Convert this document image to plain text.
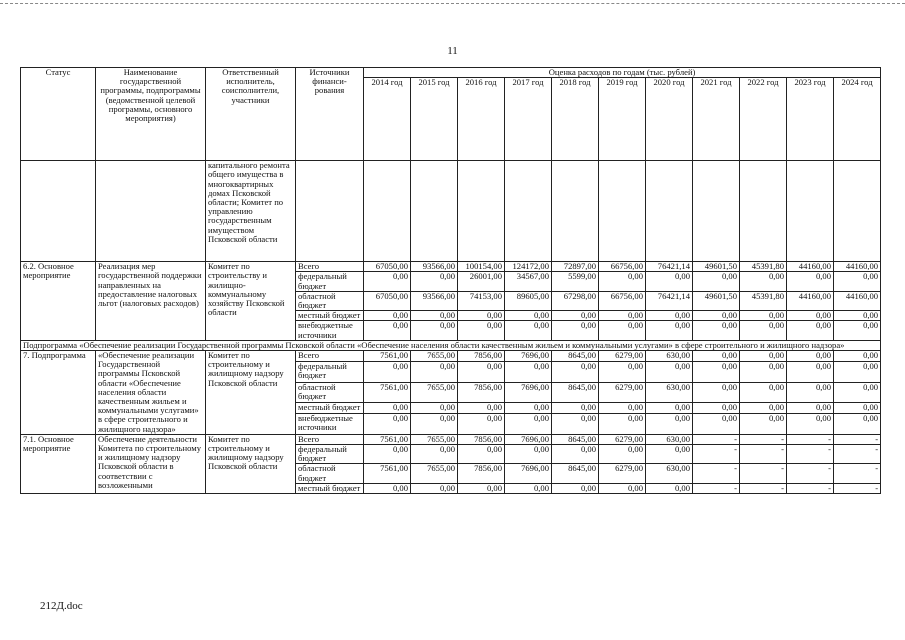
11
Статус	Наименование государственной программы, подпрограммы (ведомственной целевой программы, основного мероприятия)	Ответственный исполнитель, соисполнители, участники	Источники финанси-рования	Оценка расходов по годам (тыс. рублей)										
				2014 год	2015 год	2016 год	2017 год	2018 год	2019 год	2020 год	2021 год	2022 год	2023 год	2024 год
		капитального ремонта общего имущества в многоквартирных домах Псковской области; Комитет по управлению государственным имуществом Псковской области												
6.2. Основное мероприятие	Реализация мер государственной поддержки направленных на предоставление налоговых льгот (налоговых расходов)	Комитет по строительству и жилищно-коммунальному хозяйству Псковской области	Всего	67050,00	93566,00	100154,00	124172,00	72897,00	66756,00	76421,14	49601,50	45391,80	44160,00	44160,00
			федеральный бюджет	0,00	0,00	26001,00	34567,00	5599,00	0,00	0,00	0,00	0,00	0,00	0,00
			областной бюджет	67050,00	93566,00	74153,00	89605,00	67298,00	66756,00	76421,14	49601,50	45391,80	44160,00	44160,00
			местный бюджет	0,00	0,00	0,00	0,00	0,00	0,00	0,00	0,00	0,00	0,00	0,00
			внебюджетные источники	0,00	0,00	0,00	0,00	0,00	0,00	0,00	0,00	0,00	0,00	0,00
Подпрограмма «Обеспечение реализации Государственной программы Псковской области «Обеспечение населения области качественным жильем и коммунальными услугами» в сфере строительного и жилищного надзора»														
7. Подпрограмма	«Обеспечение реализации Государственной программы Псковской области «Обеспечение населения области качественным жильем и коммунальными услугами» в сфере строительного и жилищного надзора»	Комитет по строительному и жилищному надзору Псковской области	Всего	7561,00	7655,00	7856,00	7696,00	8645,00	6279,00	630,00	0,00	0,00	0,00	0,00
			федеральный бюджет	0,00	0,00	0,00	0,00	0,00	0,00	0,00	0,00	0,00	0,00	0,00
			областной бюджет	7561,00	7655,00	7856,00	7696,00	8645,00	6279,00	630,00	0,00	0,00	0,00	0,00
			местный бюджет	0,00	0,00	0,00	0,00	0,00	0,00	0,00	0,00	0,00	0,00	0,00
			внебюджетные источники	0,00	0,00	0,00	0,00	0,00	0,00	0,00	0,00	0,00	0,00	0,00
7.1. Основное мероприятие	Обеспечение деятельности Комитета по строительному и жилищному надзору Псковской области в соответствии с возложенными	Комитет по строительному и жилищному надзору Псковской области	Всего	7561,00	7655,00	7856,00	7696,00	8645,00	6279,00	630,00	-	-	-	-
			федеральный бюджет	0,00	0,00	0,00	0,00	0,00	0,00	0,00	-	-	-	-
			областной бюджет	7561,00	7655,00	7856,00	7696,00	8645,00	6279,00	630,00	-	-	-	-
			местный бюджет	0,00	0,00	0,00	0,00	0,00	0,00	0,00	-	-	-	-
212Д.doc
